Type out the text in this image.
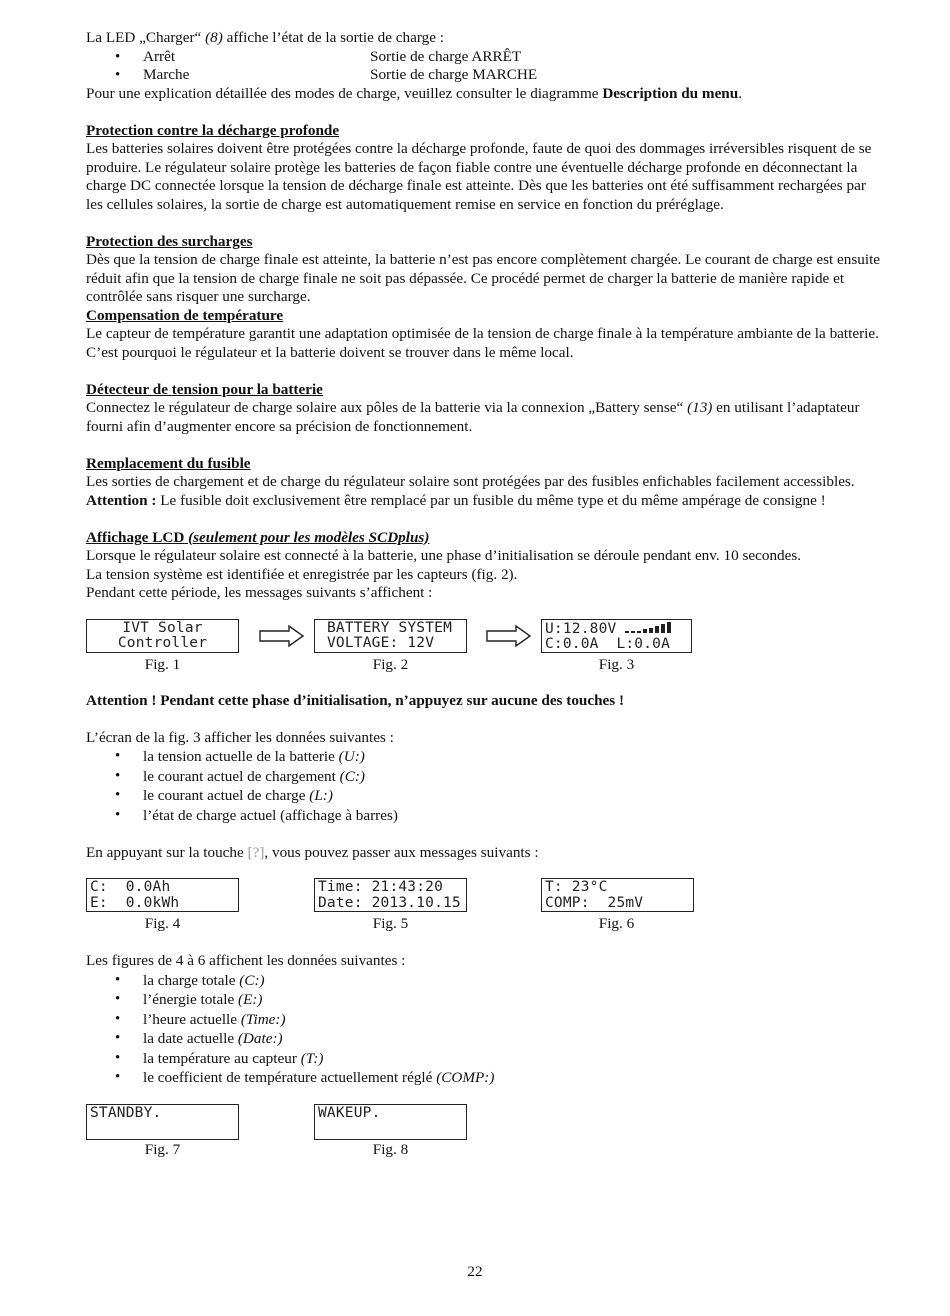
La LED „Charger“ (8) affiche l’état de la sortie de charge :

• Arrêt	Sortie de charge ARRÊT
• Marche	Sortie de charge MARCHE

Pour une explication détaillée des modes de charge, veuillez consulter le diagramme Description du menu.

Protection contre la décharge profonde

Les batteries solaires doivent être protégées contre la décharge profonde, faute de quoi des dommages irréversibles risquent de se produire. Le régulateur solaire protège les batteries de façon fiable contre une éventuelle décharge profonde en déconnectant la charge DC connectée lorsque la tension de décharge finale est atteinte. Dès que les batteries ont été suffisamment rechargées par les cellules solaires, la sortie de charge est automatiquement remise en service en fonction du préréglage.

Protection des surcharges

Dès que la tension de charge finale est atteinte, la batterie n’est pas encore complètement chargée. Le courant de charge est ensuite réduit afin que la tension de charge finale ne soit pas dépassée. Ce procédé permet de charger la batterie de manière rapide et contrôlée sans risquer une surcharge.

Compensation de température

Le capteur de température garantit une adaptation optimisée de la tension de charge finale à la température ambiante de la batterie. C’est pourquoi le régulateur et la batterie doivent se trouver dans le même local.

Détecteur de tension pour la batterie

Connectez le régulateur de charge solaire aux pôles de la batterie via la connexion „Battery sense“ (13) en utilisant l’adaptateur fourni afin d’augmenter encore sa précision de fonctionnement.

Remplacement du fusible

Les sorties de chargement et de charge du régulateur solaire sont protégées par des fusibles enfichables facilement accessibles.

Attention : Le fusible doit exclusivement être remplacé par un fusible du même type et du même ampérage de consigne !

Affichage LCD (seulement pour les modèles SCDplus)

Lorsque le régulateur solaire est connecté à la batterie, une phase d’initialisation se déroule pendant env. 10 secondes.

La tension système est identifiée et enregistrée par les capteurs (fig. 2).

Pendant cette période, les messages suivants s’affichent :

IVT Solar
Controller
BATTERY SYSTEM
VOLTAGE: 12V
U:12.80V
C:0.0A  L:0.0A
Fig. 1	Fig. 2	Fig. 3

Attention ! Pendant cette phase d’initialisation, n’appuyez sur aucune des touches !

L’écran de la fig. 3 afficher les données suivantes :

• la tension actuelle de la batterie (U:)
• le courant actuel de chargement (C:)
• le courant actuel de charge (L:)
• l’état de charge actuel (affichage à barres)

En appuyant sur la touche [?], vous pouvez passer aux messages suivants :

C:  0.0Ah
E:  0.0kWh
Time: 21:43:20
Date: 2013.10.15
T: 23°C
COMP:  25mV
Fig. 4	Fig. 5	Fig. 6

Les figures de 4 à 6 affichent les données suivantes :

• la charge totale (C:)
• l’énergie totale (E:)
• l’heure actuelle (Time:)
• la date actuelle (Date:)
• la température au capteur (T:)
• le coefficient de température actuellement réglé (COMP:)
STANDBY.	WAKEUP.
Fig. 7	Fig. 8
22
